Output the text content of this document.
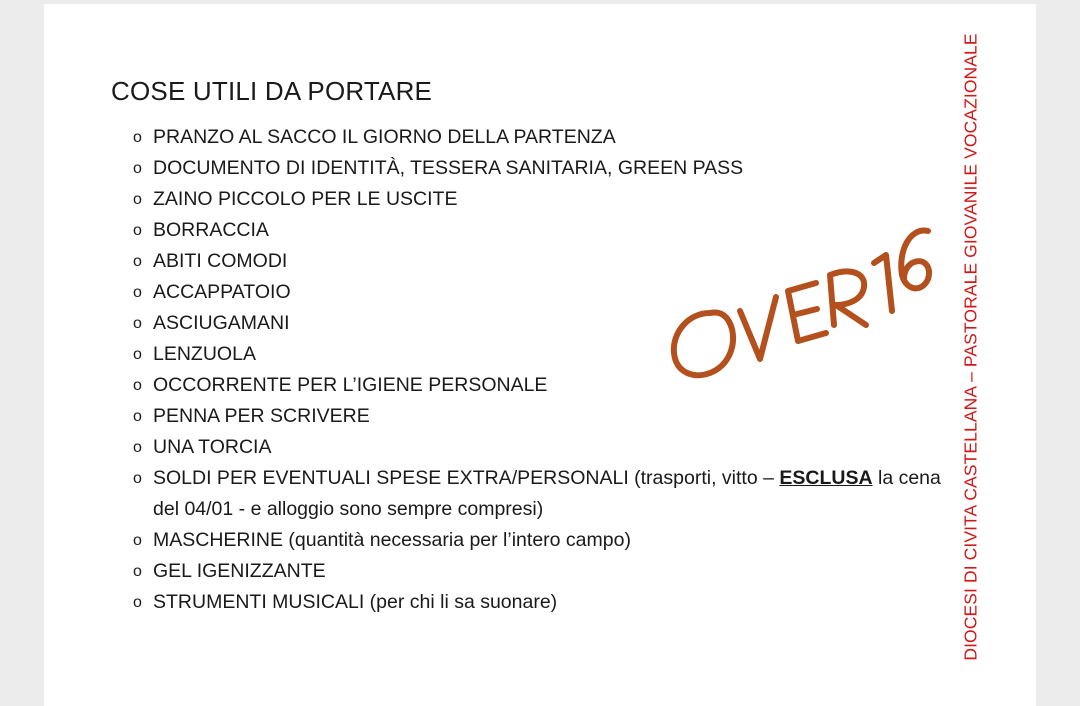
COSE UTILI DA PORTARE
o PRANZO AL SACCO IL GIORNO DELLA PARTENZA
o DOCUMENTO DI IDENTITÀ, TESSERA SANITARIA, GREEN PASS
o ZAINO PICCOLO PER LE USCITE
o BORRACCIA
o ABITI COMODI
o ACCAPPATOIO
o ASCIUGAMANI
o LENZUOLA
o OCCORRENTE PER L’IGIENE PERSONALE
o PENNA PER SCRIVERE
o UNA TORCIA
o SOLDI PER EVENTUALI SPESE EXTRA/PERSONALI (trasporti, vitto – ESCLUSA la cena del 04/01 - e alloggio sono sempre compresi)
o MASCHERINE (quantità necessaria per l’intero campo)
o GEL IGENIZZANTE
o STRUMENTI MUSICALI (per chi li sa suonare)	DIOCESI DI CIVITA CASTELLANA – PASTORALE GIOVANILE VOCAZIONALE
